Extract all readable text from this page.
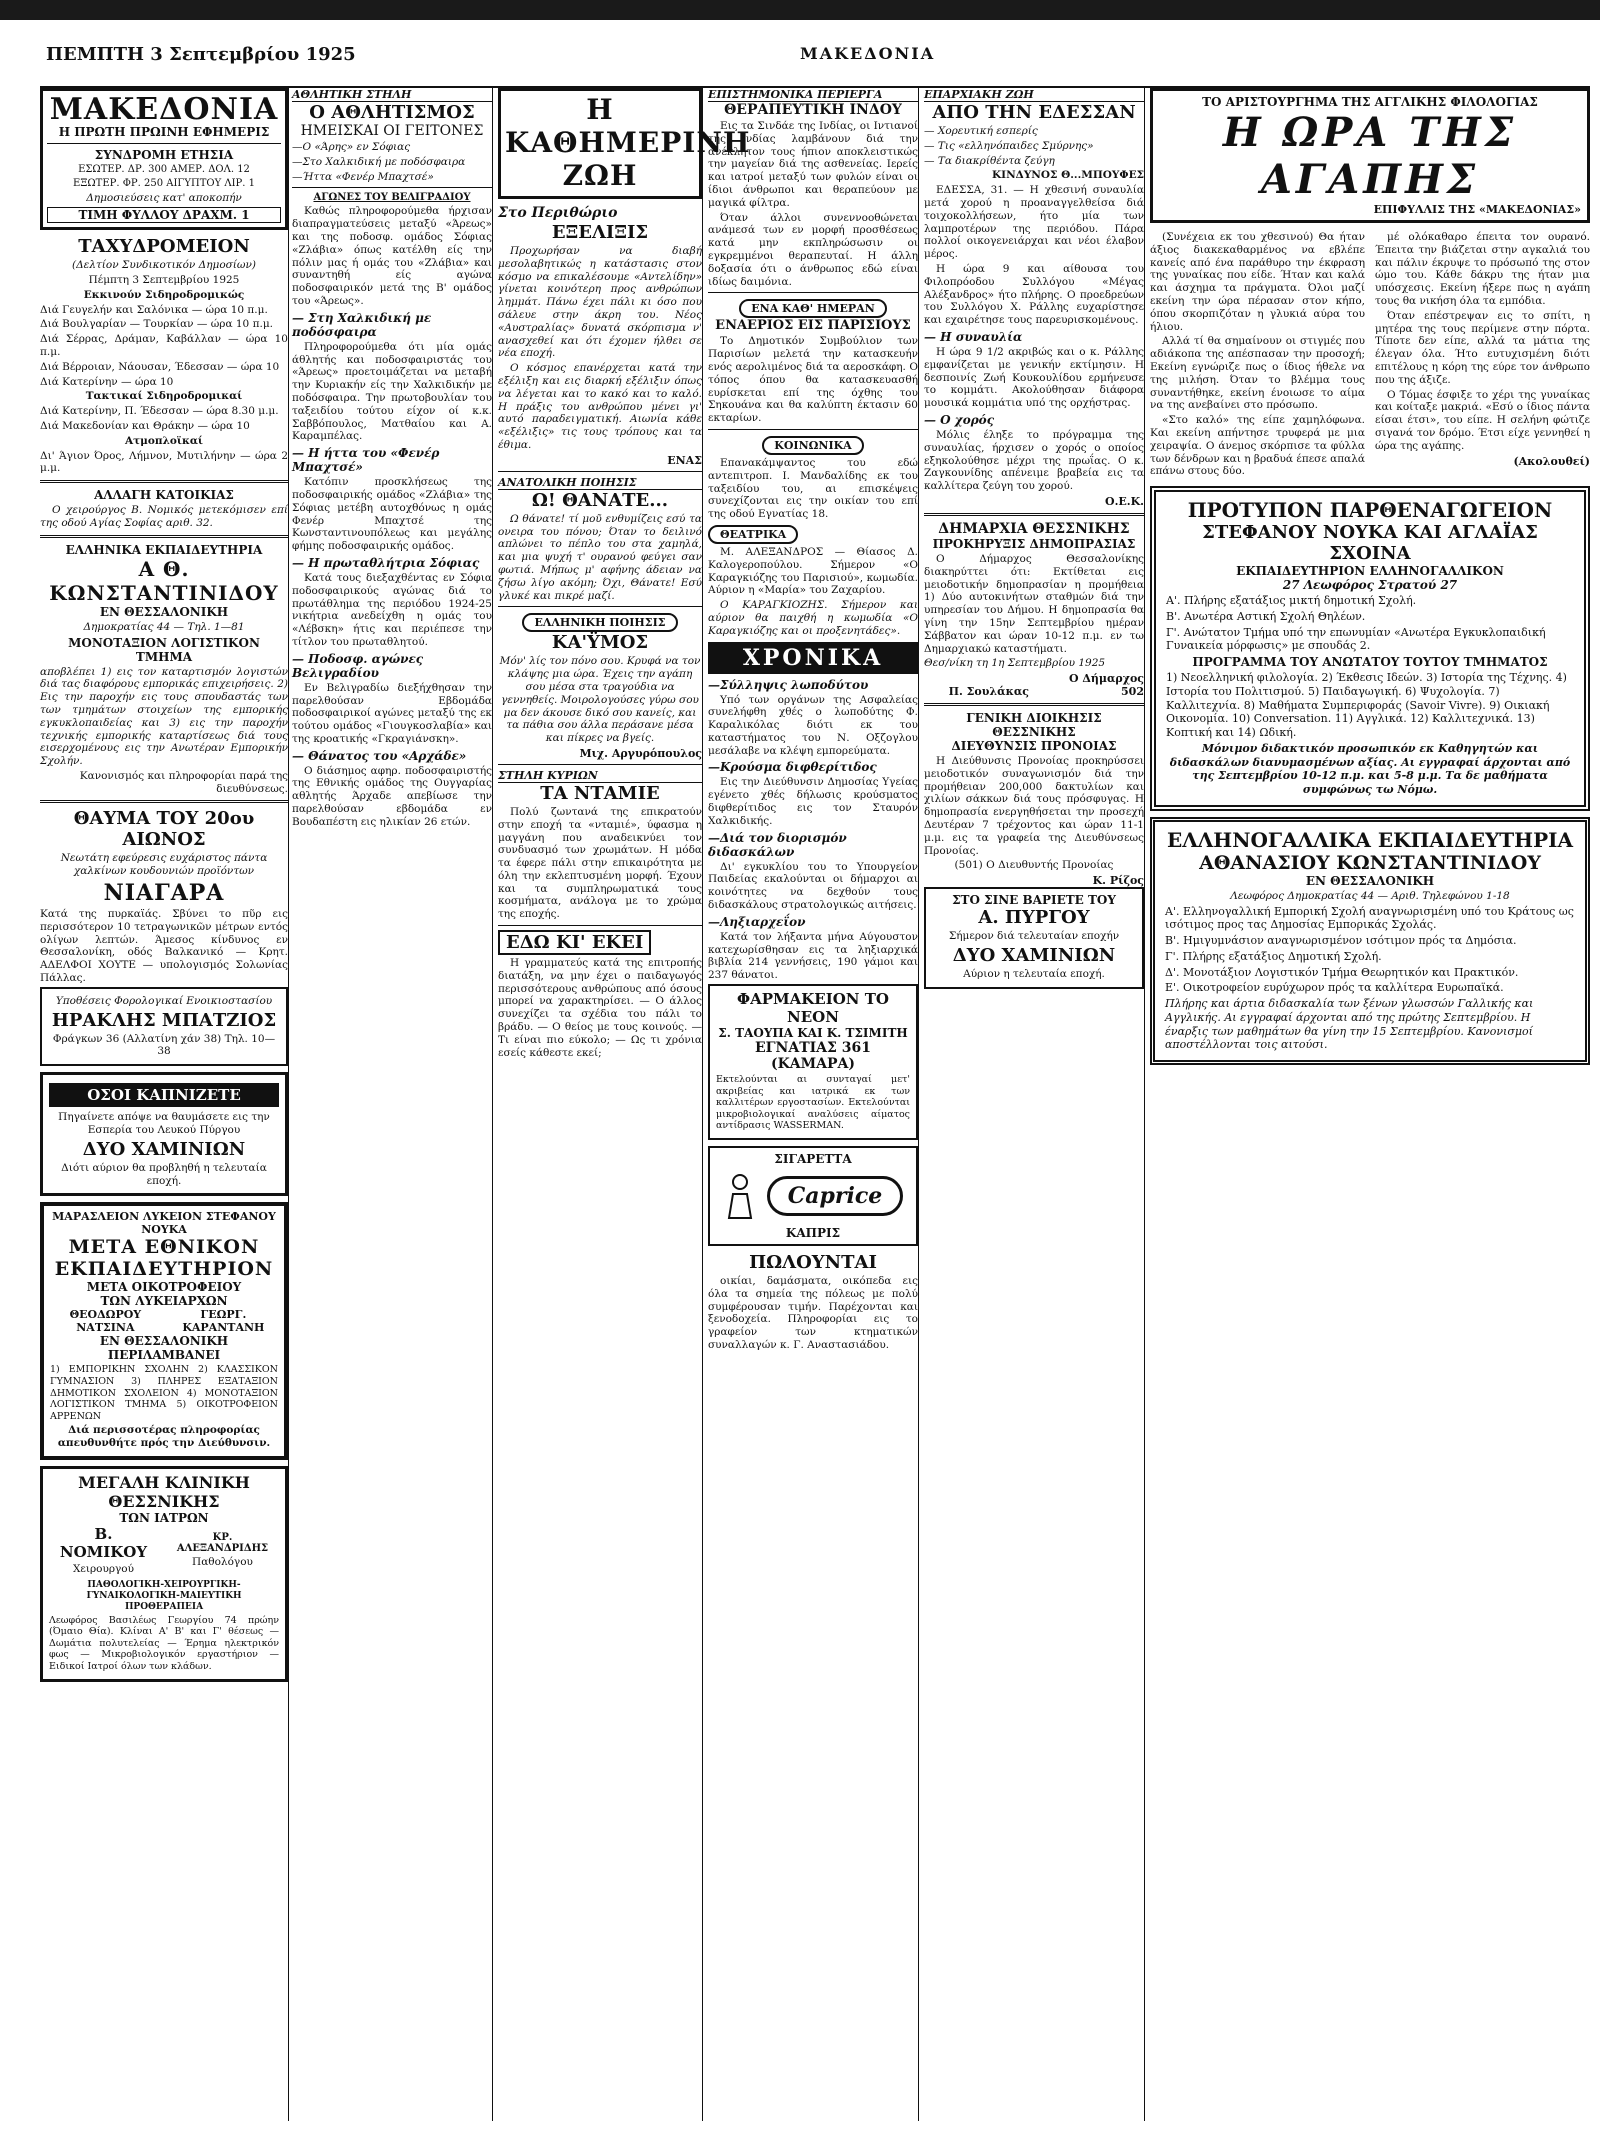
ΠΕΜΠΤΗ 3 Σεπτεμβρίου 1925	ΜΑΚΕΔΟΝΙΑ
ΜΑΚΕΔΟΝΙΑ
Η ΠΡΩΤΗ ΠΡΩΙΝΗ ΕΦΗΜΕΡΙΣ
ΣΥΝΔΡΟΜΗ ΕΤΗΣΙΑ
ΕΣΩΤΕΡ. ΔΡ. 300 ΑΜΕΡ. ΔΟΛ. 12
ΕΞΩΤΕΡ. ΦΡ. 250 ΑΙΓΥΠΤΟΥ ΛΙΡ. 1
Δημοσιεύσεις κατ' αποκοπήν
ΤΙΜΗ ΦΥΛΛΟΥ ΔΡΑΧΜ. 1
ΤΑΧΥΔΡΟΜΕΙΟΝ
(Δελτίον Συνδικοτικόν Δημοσίων)
Πέμπτη 3 Σεπτεμβρίου 1925
Εκκινούν Σιδηροδρομικώς
Διά Γευγελήν και Σαλόνικα — ώρα 10 π.μ.
Διά Βουλγαρίαν — Τουρκίαν — ώρα 10 π.μ.
Διά Σέρρας, Δράμαν, Καβάλλαν — ώρα 10 π.μ.
Διά Βέρροιαν, Νάουσαν, Έδεσσαν — ώρα 10
Διά Κατερίνην — ώρα 10
Τακτικαί Σιδηροδρομικαί
Διά Κατερίνην, Π. Έδεσσαν — ώρα 8.30 μ.μ.
Διά Μακεδονίαν και Θράκην — ώρα 10
Ατμοπλοϊκαί
Δι' Άγιον Όρος, Λήμνον, Μυτιλήνην — ώρα 2 μ.μ.
ΑΛΛΑΓΗ ΚΑΤΟΙΚΙΑΣ
Ο χειρούργος Β. Νομικός μετεκόμισεν επί της οδού Αγίας Σοφίας αριθ. 32.
ΕΛΛΗΝΙΚΑ ΕΚΠΑΙΔΕΥΤΗΡΙΑ
Α Θ. ΚΩΝΣΤΑΝΤΙΝΙΔΟΥ
ΕΝ ΘΕΣΣΑΛΟΝΙΚΗ
Δημοκρατίας 44 — Τηλ. 1—81
ΜΟΝΟΤΑΞΙΟΝ ΛΟΓΙΣΤΙΚΟΝ ΤΜΗΜΑ
αποβλέπει 1) εις τον καταρτισμόν λογιστών διά τας διαφόρους εμπορικάς επιχειρήσεις. 2) Εις την παροχήν εις τους σπουδαστάς των των τμημάτων στοιχείων της εμπορικής εγκυκλοπαιδείας και 3) εις την παροχήν τεχνικής εμπορικής καταρτίσεως διά τους εισερχομένους εις την Ανωτέραν Εμπορικήν Σχολήν.
Κανονισμός και πληροφορίαι παρά της διευθύνσεως.
ΘΑΥΜΑ ΤΟΥ 20ου ΑΙΩΝΟΣ
Νεωτάτη εφεύρεσις ευχάριστος πάντα χαλκίνων κουδουνιών προϊόντων
ΝΙΑΓΑΡΑ
Κατά της πυρκαϊάς. Σβύνει το πῦρ εις περισσότερον 10 τετραγωνικῶν μέτρων εντός ολίγων λεπτών. Άμεσος κίνδυνος εν Θεσσαλονίκη, οδός Βαλκανικό — Κρητ. ΑΔΕΛΦΟΙ ΧΟΥΤΕ — υπολογισμός Σολωνίας Πάλλας.
Υποθέσεις Φορολογικαί Ενοικιοστασίου
ΗΡΑΚΛΗΣ ΜΠΑΤΖΙΟΣ
Φράγκων 36 (Αλλατίνη χάν 38) Τηλ. 10—38
ΟΣΟΙ ΚΑΠΝΙΖΕΤΕ
Πηγαίνετε απόψε να θαυμάσετε εις την Εσπερία του Λευκού Πύργου
ΔΥΟ ΧΑΜΙΝΙΩΝ
Διότι αύριον θα προβληθή η τελευταία εποχή.
ΜΑΡΑΣΛΕΙΟΝ ΛΥΚΕΙΟΝ ΣΤΕΦΑΝΟΥ ΝΟΥΚΑ
ΜΕΤΑ ΕΘΝΙΚΟΝ ΕΚΠΑΙΔΕΥΤΗΡΙΟΝ
ΜΕΤΑ ΟΙΚΟΤΡΟΦΕΙΟΥ
ΤΩΝ ΛΥΚΕΙΑΡΧΩΝ
ΘΕΟΔΩΡΟΥ ΝΑΤΣΙΝΑ
ΓΕΩΡΓ. ΚΑΡΑΝΤΑΝΗ
ΕΝ ΘΕΣΣΑΛΟΝΙΚΗ
ΠΕΡΙΛΑΜΒΑΝΕΙ
1) ΕΜΠΟΡΙΚΗΝ ΣΧΟΛΗΝ 2) ΚΛΑΣΣΙΚΟΝ ΓΥΜΝΑΣΙΟΝ 3) ΠΛΗΡΕΣ ΕΞΑΤΑΞΙΟΝ ΔΗΜΟΤΙΚΟΝ ΣΧΟΛΕΙΟΝ 4) ΜΟΝΟΤΑΞΙΟΝ ΛΟΓΙΣΤΙΚΟΝ ΤΜΗΜΑ 5) ΟΙΚΟΤΡΟΦΕΙΟΝ ΑΡΡΕΝΩΝ
Διά περισσοτέρας πληροφορίας απευθυνθήτε πρός την Διεύθυνσιν.
ΜΕΓΑΛΗ ΚΛΙΝΙΚΗ ΘΕΣΣΝΙΚΗΣ
ΤΩΝ ΙΑΤΡΩΝ
Β. ΝΟΜΙΚΟΥ
Χειρουργού
ΚΡ. ΑΛΕΞΑΝΔΡΙΔΗΣ
Παθολόγου
ΠΑΘΟΛΟΓΙΚΗ-ΧΕΙΡΟΥΡΓΙΚΗ-ΓΥΝΑΙΚΟΛΟΓΙΚΗ-ΜΑΙΕΥΤΙΚΗ ΠΡΟΘΕΡΑΠΕΙΑ
Λεωφόρος Βασιλέως Γεωργίου 74 πρώην (Όμαιο Θία). Κλίναι Α' Β' και Γ' θέσεως — Δωμάτια πολυτελείας — Έρημα ηλεκτρικόν φως — Μικροβιολογικόν εργαστήριον — Ειδικοί Ιατροί όλων των κλάδων.
ΑΘΛΗΤΙΚΗ ΣΤΗΛΗ
Ο ΑΘΛΗΤΙΣΜΟΣ
ΗΜΕΙΣΚΑΙ ΟΙ ΓΕΙΤΟΝΕΣ
—Ο «Άρης» εν Σόφιας
—Στο Χαλκιδική με ποδόσφαιρα
—Ήττα «Φενέρ Μπαχτσέ»
ΑΓΩΝΕΣ ΤΟΥ ΒΕΛΙΓΡΑΔΙΟΥ
Καθώς πληροφορούμεθα ήρχισαν διαπραγματεύσεις μεταξύ «Άρεως» και της ποδοσφ. ομάδος Σόφιας «Ζλάβια» όπως κατέλθη είς την πόλιν μας ή ομάς του «Ζλάβια» και συναντηθή είς αγώνα ποδοσφαιρικόν μετά της Β' ομάδος του «Άρεως».
— Στη Χαλκιδική με ποδόσφαιρα
Πληροφορούμεθα ότι μία ομάς άθλητής και ποδοσφαιριστάς του «Άρεως» προετοιμάζεται να μεταβή την Κυριακήν είς την Χαλκιδικήν με ποδόσφαιρα. Την πρωτοβουλίαν του ταξειδίου τούτου είχον οί κ.κ. Σαββόπουλος, Ματθαίου και Α. Καραμπέλας.
— Η ήττα του «Φενέρ Μπαχτσέ»
Κατόπιν προσκλήσεως της ποδοσφαιρικής ομάδος «Ζλάβια» της Σόφιας μετέβη αυτοχθόνως η ομάς Φενέρ Μπαχτσέ της Κωνσταντινουπόλεως και μεγάλης φήμης ποδοσφαιρικής ομάδος.
— Η πρωταθλήτρια Σόφιας
Κατά τους διεξαχθέντας εν Σόφια ποδοσφαιρικούς αγώνας διά το πρωτάθλημα της περιόδου 1924-25 νικήτρια ανεδείχθη η ομάς του «Λέβσκη» ήτις και περιέπεσε την τίτλον του πρωταθλητού.
— Ποδοσφ. αγώνες Βελιγραδίου
Εν Βελιγραδίω διεξήχθησαν την παρελθούσαν Εβδομάδα ποδοσφαιρικοί αγώνες μεταξύ της εκ τούτου ομάδος «Γιουγκοσλαβία» και της κροατικής «Γκραγιάνσκη».
— Θάνατος του «Αρχάδε»
Ο διάσημος αφηρ. ποδοσφαιριστής της Εθνικής ομάδος της Ουγγαρίας αθλητής Άρχαδε απεβίωσε την παρελθούσαν εβδομάδα εν Βουδαπέστη εις ηλικίαν 26 ετών.
Η ΚΑΘΗΜΕΡΙΝΗ ΖΩΗ
Στο Περιθώριο
ΕΞΕΛΙΞΙΣ
Προχωρήσαν να διαβή μεσολαβητικώς η κατάστασις στον κόσμο να επικαλέσουμε «Αντελίδην» γίνεται κοινότερη προς ανθρώπων λημμάτ. Πάνω έχει πάλι κι όσο που σάλευε στην άκρη του. Νέος «Αυστραλίας» δυνατά σκόρπισμα ν' ανασχεθεί και ότι έχομεν ήλθει σε νέα εποχή.
Ο κόσμος επανέρχεται κατά την εξέλιξη και εις διαρκή εξέλιξιν όπως να λέγεται και το κακό και το καλό. Η πράξις του ανθρώπου μένει γι' αυτό παραδειγματική. Αιωνία κάθε «εξέλιξις» τις τους τρόπους και τα έθιμα.
ΕΝΑΣ
ΑΝΑΤΟΛΙΚΗ ΠΟΙΗΣΙΣ
Ω! ΘΑΝΑΤΕ...
Ω θάνατε! τί μοῦ ενθυμίζεις εσύ τα ονειρα του πόνου; Όταν το δειλινό απλώνει το πέπλο του στα χαμηλά, και μια ψυχή τ' ουρανού φεύγει σαν φωτιά. Μήπως μ' αφήνης άδειαν να ζήσω λίγο ακόμη; Όχι, Θάνατε! Εσύ γλυκέ και πικρέ μαζί.
ΕΛΛΗΝΙΚΗ ΠΟΙΗΣΙΣ
ΚΑ'ΫΜΟΣ
Μόν' λίς τον πόνο σου. Κρυφά να τον κλάψης μια ώρα. Έχεις την αγάπη σου μέσα στα τραγούδια να γεννηθείς. Μοιρολογούσες γύρω σου μα δεν άκουσε δικό σου κανείς, και τα πάθια σου άλλα περάσανε μέσα και πίκρες να βγείς.
Μιχ. Αργυρόπουλος
ΣΤΗΛΗ ΚΥΡΙΩΝ
ΤΑ ΝΤΑΜΙΕ
Πολύ ζωντανά της επικρατούν στην εποχή τα «νταμιέ», ύφασμα η μαγγάνη που αναδεικνύει τον συνδυασμό των χρωμάτων. Η μόδα τα έφερε πάλι στην επικαιρότητα με όλη την εκλεπτυσμένη μορφή. Έχουν και τα συμπληρωματικά τους κοσμήματα, ανάλογα με το χρώμα της εποχής.
ΕΔΩ ΚΙ' ΕΚΕΙ
Η γραμματεύς κατά της επιτροπής διατάξη, να μην έχει ο παιδαγωγός περισσότερους ανθρώπους από όσους μπορεί να χαρακτηρίσει. — Ο άλλος συνεχίζει τα σχέδια του πάλι το βράδυ. — Ο θείος με τους κοινούς. — Τι είναι πιο εύκολο; — Ως τι χρόνια εσείς κάθεστε εκεί;
ΕΠΙΣΤΗΜΟΝΙΚΑ ΠΕΡΙΕΡΓΑ
ΘΕΡΑΠΕΥΤΙΚΗ ΙΝΔΟΥ
Εις τα Σινδάε της Ινδίας, οι Ιντιανοί της Ινδίας λαμβάνουν διά την ανέκλητον τους ήπιον αποκλειστικώς την μαγείαν διά της ασθενείας. Ιερείς και ιατροί μεταξύ των φυλών είναι οι ίδιοι άνθρωποι και θεραπεύουν με μαγικά φίλτρα.
Όταν άλλοι συνεννοοθώνεται ανάμεσά των εν μορφή προσθέσεως κατά μην εκπληρώσωσιν οι εγκρεμμένοι θεραπευταί. Η άλλη δοξασία ότι ο άνθρωπος εδώ είναι ιδίως δαιμόνια.
ΕΝΑ ΚΑΘ' ΗΜΕΡΑΝ
ΕΝΑΕΡΙΟΣ ΕΙΣ ΠΑΡΙΣΙΟΥΣ
Το Δημοτικόν Συμβούλιον των Παρισίων μελετά την κατασκευήν ενός αερολιμένος διά τα αεροσκάφη. Ο τόπος όπου θα κατασκευασθή ευρίσκεται επί της όχθης του Σηκουάνα και θα καλύπτη έκτασιν 60 εκταρίων.
ΚΟΙΝΩΝΙΚΑ
Επανακάμψαντος του εδώ αντεπιτροπ. Ι. Μανδαλίδης εκ του ταξειδίου του, αι επισκέψεις συνεχίζονται εις την οικίαν του επί της οδού Εγνατίας 18.
ΘΕΑΤΡΙΚΑ
Μ. ΑΛΕΞΑΝΔΡΟΣ — Θίασος Δ. Καλογεροπούλου. Σήμερον «Ο Καραγκιόζης του Παρισιού», κωμωδία. Αύριον η «Μαρία» του Ζαχαρίου.
Ο ΚΑΡΑΓΚΙΟΖΗΣ. Σήμερον και αύριον θα παιχθή η κωμωδία «Ο Καραγκιόζης και οι προξενητάδες».
ΧΡΟΝΙΚΑ
—Σύλληψις λωποδύτου
Υπό των οργάνων της Ασφαλείας συνελήφθη χθές ο λωποδύτης Φ. Καραλικόλας διότι εκ του καταστήματος του Ν. Οξζογλου μεσάλαβε να κλέψη εμπορεύματα.
—Κρούσμα διφθερίτιδος
Εις την Διεύθυνσιν Δημοσίας Υγείας εγένετο χθές δήλωσις κρούσματος διφθερίτιδος εις τον Σταυρόν Χαλκιδικής.
—Διά τον διορισμόν διδασκάλων
Δι' εγκυκλίου του το Υπουργείον Παιδείας εκαλούνται οι δήμαρχοι αι κοινότητες να δεχθούν τους διδασκάλους στρατολογικώς αιτήσεις.
—Ληξιαρχεΐον
Κατά τον λήξαντα μήνα Αύγουστον κατεχωρίσθησαν εις τα ληξιαρχικά βιβλία 214 γεννήσεις, 190 γάμοι και 237 θάνατοι.
ΦΑΡΜΑΚΕΙΟΝ ΤΟ ΝΕΟΝ
Σ. ΤΑΟΥΠΑ ΚΑΙ Κ. ΤΣΙΜΙΤΗ
ΕΓΝΑΤΙΑΣ 361 (ΚΑΜΑΡΑ)
Εκτελούνται αι συνταγαί μετ' ακριβείας και ιατρικά εκ των καλλιτέρων εργοστασίων. Εκτελούνται μικροβιολογικαί αναλύσεις αίματος αντίδρασις WASSERMAN.
ΣΙΓΑΡΕΤΤΑ
Caprice
ΚΑΠΡΙΣ
ΠΩΛΟΥΝΤΑΙ
οικίαι, δαμάσματα, οικόπεδα εις όλα τα σημεία της πόλεως με πολύ συμφέρουσαν τιμήν. Παρέχονται και ξενοδοχεία. Πληροφορίαι εις το γραφείον των κτηματικών συναλλαγών κ. Γ. Αναστασιάδου.
ΕΠΑΡΧΙΑΚΗ ΖΩΗ
ΑΠΟ ΤΗΝ ΕΔΕΣΣΑΝ
— Χορευτική εσπερίς
— Τις «ελληνόπαιδες Σμύρνης»
— Τα διακρίθέντα ζεύγη
ΚΙΝΔΥΝΟΣ Θ...ΜΠΟΥΦΕΣ
ΕΔΕΣΣΑ, 31. — Η χθεσινή συναυλία μετά χορού η προαναγγελθείσα διά τοιχοκολλήσεων, ήτο μία των λαμπροτέρων της περιόδου. Πάρα πολλοί οικογενειάρχαι και νέοι έλαβον μέρος.
Η ώρα 9 και αίθουσα του Φιλοπρόοδου Συλλόγου «Μέγας Αλέξανδρος» ήτο πλήρης. Ο προεδρεύων του Συλλόγου Χ. Ράλλης ευχαρίστησε και εχαιρέτησε τους παρευρισκομένους.
— Η συναυλία
Η ώρα 9 1/2 ακριβώς και ο κ. Ράλλης εμφανίζεται με γενικήν εκτίμησιν. Η δεσποινίς Ζωή Κουκουλίδου ερμήνευσε το κομμάτι. Ακολούθησαν διάφορα μουσικά κομμάτια υπό της ορχήστρας.
— Ο χορός
Μόλις έληξε το πρόγραμμα της συναυλίας, ήρχισεν ο χορός ο οποίος εξηκολούθησε μέχρι της πρωΐας. Ο κ. Ζαγκουνίδης απένειμε βραβεία εις τα καλλίτερα ζεύγη του χορού.
Ο.Ε.Κ.
ΔΗΜΑΡΧΙΑ ΘΕΣΣΝΙΚΗΣ
ΠΡΟΚΗΡΥΞΙΣ ΔΗΜΟΠΡΑΣΙΑΣ
Ο Δήμαρχος Θεσσαλονίκης διακηρύττει ότι: Εκτίθεται εις μειοδοτικήν δημοπρασίαν η προμήθεια 1) Δύο αυτοκινήτων σταθμών διά την υπηρεσίαν του Δήμου. Η δημοπρασία θα γίνη την 15ην Σεπτεμβρίου ημέραν Σάββατον και ώραν 10-12 π.μ. εν τω Δημαρχιακώ καταστήματι.
Θεσ/νίκη τη 1η Σεπτεμβρίου 1925
Ο Δήμαρχος
Π. Σουλάκας	502
ΓΕΝΙΚΗ ΔΙΟΙΚΗΣΙΣ ΘΕΣΣΝΙΚΗΣ
ΔΙΕΥΘΥΝΣΙΣ ΠΡΟΝΟΙΑΣ
Η Διεύθυνσις Προνοίας προκηρύσσει μειοδοτικόν συναγωνισμόν διά την προμήθειαν 200,000 δακτυλίων και χιλίων σάκκων διά τους πρόσφυγας. Η δημοπρασία ενεργηθήσεται την προσεχή Δευτέραν 7 τρέχοντος και ώραν 11-1 μ.μ. εις τα γραφεία της Διευθύνσεως Προνοίας.
(501) Ο Διευθυντής Προνοίας
Κ. Ρίζος
ΣΤΟ ΣΙΝΕ ΒΑΡΙΕΤΕ ΤΟΥ
Α. ΠΥΡΓΟΥ
Σήμερον διά τελευταίαν εποχήν
ΔΥΟ ΧΑΜΙΝΙΩΝ
Αύριον η τελευταία εποχή.
ΤΟ ΑΡΙΣΤΟΥΡΓΗΜΑ ΤΗΣ ΑΓΓΛΙΚΗΣ ΦΙΛΟΛΟΓΙΑΣ
Η ΩΡΑ ΤΗΣ ΑΓΑΠΗΣ
ΕΠΙΦΥΛΛΙΣ ΤΗΣ «ΜΑΚΕΔΟΝΙΑΣ»
(Συνέχεια εκ του χθεσινού) Θα ήταν άξιος διακεκαθαρμένος να εβλέπε κανείς από ένα παράθυρο την έκφραση της γυναίκας που είδε. Ήταν και καλά και άσχημα τα πράγματα. Όλοι μαζί εκείνη την ώρα πέρασαν στον κήπο, όπου σκορπιζόταν η γλυκιά αύρα του ήλιου.
Αλλά τί θα σημαίνουν οι στιγμές που αδιάκοπα της απέσπασαν την προσοχή; Εκείνη εγνώριζε πως ο ίδιος ήθελε να της μιλήση. Όταν το βλέμμα τους συναντήθηκε, εκείνη ένοιωσε το αίμα να της ανεβαίνει στο πρόσωπο.
«Στο καλό» της είπε χαμηλόφωνα. Και εκείνη απήντησε τρυφερά με μια χειραψία. Ο άνεμος σκόρπισε τα φύλλα των δένδρων και η βραδυά έπεσε απαλά επάνω στους δύο.
μέ ολόκαθαρο έπειτα τον ουρανό. Έπειτα την βιάζεται στην αγκαλιά του και πάλιν έκρυψε το πρόσωπό της στον ώμο του. Κάθε δάκρυ της ήταν μια υπόσχεσις. Εκείνη ήξερε πως η αγάπη τους θα νικήση όλα τα εμπόδια.
Όταν επέστρεψαν εις το σπίτι, η μητέρα της τους περίμενε στην πόρτα. Τίποτε δεν είπε, αλλά τα μάτια της έλεγαν όλα. Ήτο ευτυχισμένη διότι επιτέλους η κόρη της εύρε τον άνθρωπο που της άξιζε.
Ο Τόμας έσφιξε το χέρι της γυναίκας και κοίταξε μακριά. «Εσύ ο ίδιος πάντα είσαι έτσι», του είπε. Η σελήνη φώτιζε σιγανά τον δρόμο. Έτσι είχε γεννηθεί η ώρα της αγάπης.
(Ακολουθεί)
ΠΡΟΤΥΠΟΝ ΠΑΡΘΕΝΑΓΩΓΕΙΟΝ
ΣΤΕΦΑΝΟΥ ΝΟΥΚΑ ΚΑΙ ΑΓΛΑΪΑΣ ΣΧΟΙΝΑ
ΕΚΠΑΙΔΕΥΤΗΡΙΟΝ ΕΛΛΗΝΟΓΑΛΛΙΚΟΝ
27 Λεωφόρος Στρατού 27
Α'. Πλήρης εξατάξιος μικτή δημοτική Σχολή.
Β'. Ανωτέρα Αστική Σχολή Θηλέων.
Γ'. Ανώτατον Τμήμα υπό την επωνυμίαν «Ανωτέρα Εγκυκλοπαιδική Γυναικεία μόρφωσις» με σπουδάς 2.
ΠΡΟΓΡΑΜΜΑ ΤΟΥ ΑΝΩΤΑΤΟΥ ΤΟΥΤΟΥ ΤΜΗΜΑΤΟΣ
1) Νεοελληνική φιλολογία. 2) Έκθεσις Ιδεών. 3) Ιστορία της Τέχνης. 4) Ιστορία του Πολιτισμού. 5) Παιδαγωγική. 6) Ψυχολογία. 7) Καλλιτεχνία. 8) Μαθήματα Συμπεριφοράς (Savoir Vivre). 9) Οικιακή Οικονομία. 10) Conversation. 11) Αγγλικά. 12) Καλλιτεχνικά. 13) Κοπτική και 14) Ωδική.
Μόνιμον διδακτικόν προσωπικόν εκ Καθηγητών και διδασκάλων διανυμασμένων αξίας. Αι εγγραφαί άρχονται από της Σεπτεμβρίου 10-12 π.μ. και 5-8 μ.μ. Τα δε μαθήματα συμφώνως τω Νόμω.
ΕΛΛΗΝΟΓΑΛΛΙΚΑ ΕΚΠΑΙΔΕΥΤΗΡΙΑ
ΑΘΑΝΑΣΙΟΥ ΚΩΝΣΤΑΝΤΙΝΙΔΟΥ
ΕΝ ΘΕΣΣΑΛΟΝΙΚΗ
Λεωφόρος Δημοκρατίας 44 — Αριθ. Τηλεφώνου 1-18
Α'. Ελληνογαλλική Εμπορική Σχολή αναγνωρισμένη υπό του Κράτους ως ισότιμος προς τας Δημοσίας Εμπορικάς Σχολάς.
Β'. Ημιγυμνάσιον αναγνωρισμένον ισότιμον πρός τα Δημόσια.
Γ'. Πλήρης εξατάξιος Δημοτική Σχολή.
Δ'. Μονοτάξιον Λογιστικόν Τμήμα Θεωρητικόν και Πρακτικόν.
Ε'. Οικοτροφείον ευρύχωρον πρός τα καλλίτερα Ευρωπαϊκά.
Πλήρης και άρτια διδασκαλία των ξένων γλωσσών Γαλλικής και Αγγλικής. Αι εγγραφαί άρχονται από της πρώτης Σεπτεμβρίου. Η έναρξις των μαθημάτων θα γίνη την 15 Σεπτεμβρίου. Κανονισμοί αποστέλλονται τοις αιτούσι.
